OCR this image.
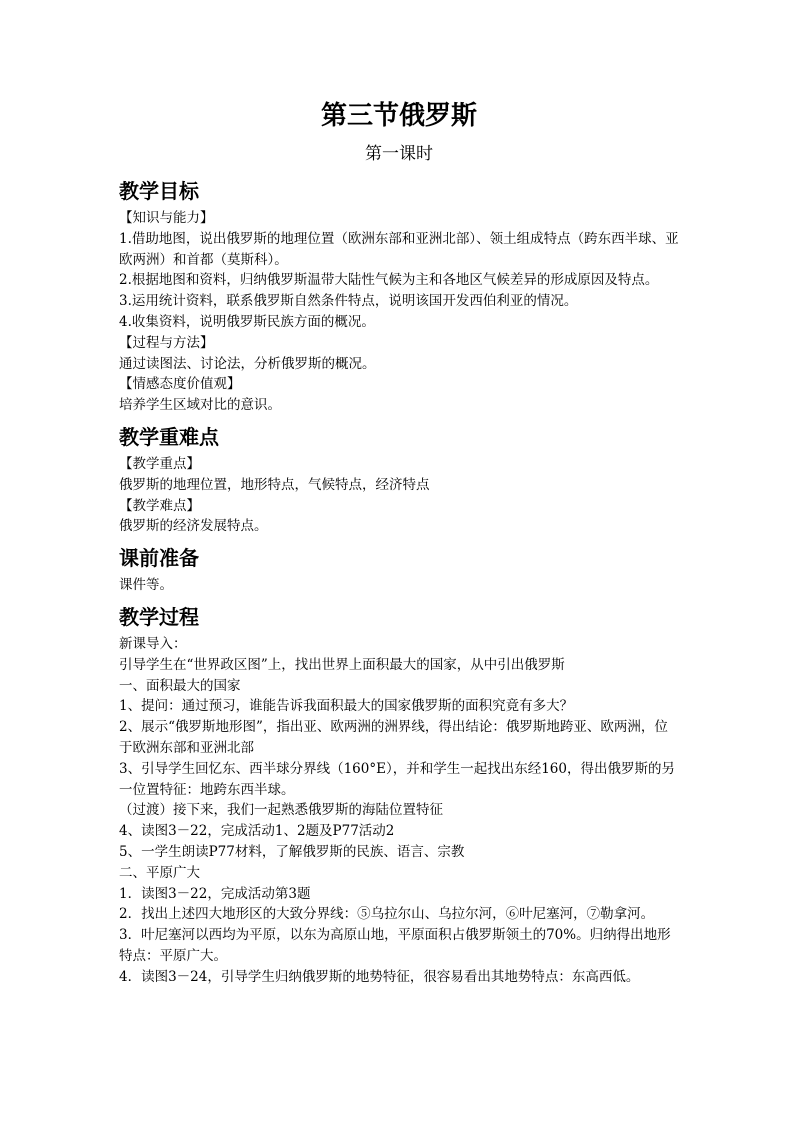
第三节俄罗斯
第一课时
教学目标
【知识与能力】
1.借助地图，说出俄罗斯的地理位置（欧洲东部和亚洲北部）、领土组成特点（跨东西半球、亚欧两洲）和首都（莫斯科）。
2.根据地图和资料，归纳俄罗斯温带大陆性气候为主和各地区气候差异的形成原因及特点。
3.运用统计资料，联系俄罗斯自然条件特点，说明该国开发西伯利亚的情况。
4.收集资料，说明俄罗斯民族方面的概况。
【过程与方法】
通过读图法、讨论法，分析俄罗斯的概况。
【情感态度价值观】
培养学生区域对比的意识。
教学重难点
【教学重点】
俄罗斯的地理位置，地形特点，气候特点，经济特点
【教学难点】
俄罗斯的经济发展特点。
课前准备
课件等。
教学过程
新课导入：
引导学生在“世界政区图”上，找出世界上面积最大的国家，从中引出俄罗斯
一、面积最大的国家
1、提问：通过预习，谁能告诉我面积最大的国家俄罗斯的面积究竟有多大？
2、展示“俄罗斯地形图”，指出亚、欧两洲的洲界线，得出结论：俄罗斯地跨亚、欧两洲，位于欧洲东部和亚洲北部
3、引导学生回忆东、西半球分界线（160°E），并和学生一起找出东经160，得出俄罗斯的另一位置特征：地跨东西半球。
（过渡）接下来，我们一起熟悉俄罗斯的海陆位置特征
4、读图3－22，完成活动1、2题及P77活动2
5、一学生朗读P77材料，了解俄罗斯的民族、语言、宗教
二、平原广大
1．读图3－22，完成活动第3题
2．找出上述四大地形区的大致分界线：⑤乌拉尔山、乌拉尔河，⑥叶尼塞河，⑦勒拿河。
3．叶尼塞河以西均为平原，以东为高原山地，平原面积占俄罗斯领土的70%。归纳得出地形特点：平原广大。
4．读图3－24，引导学生归纳俄罗斯的地势特征，很容易看出其地势特点：东高西低。
